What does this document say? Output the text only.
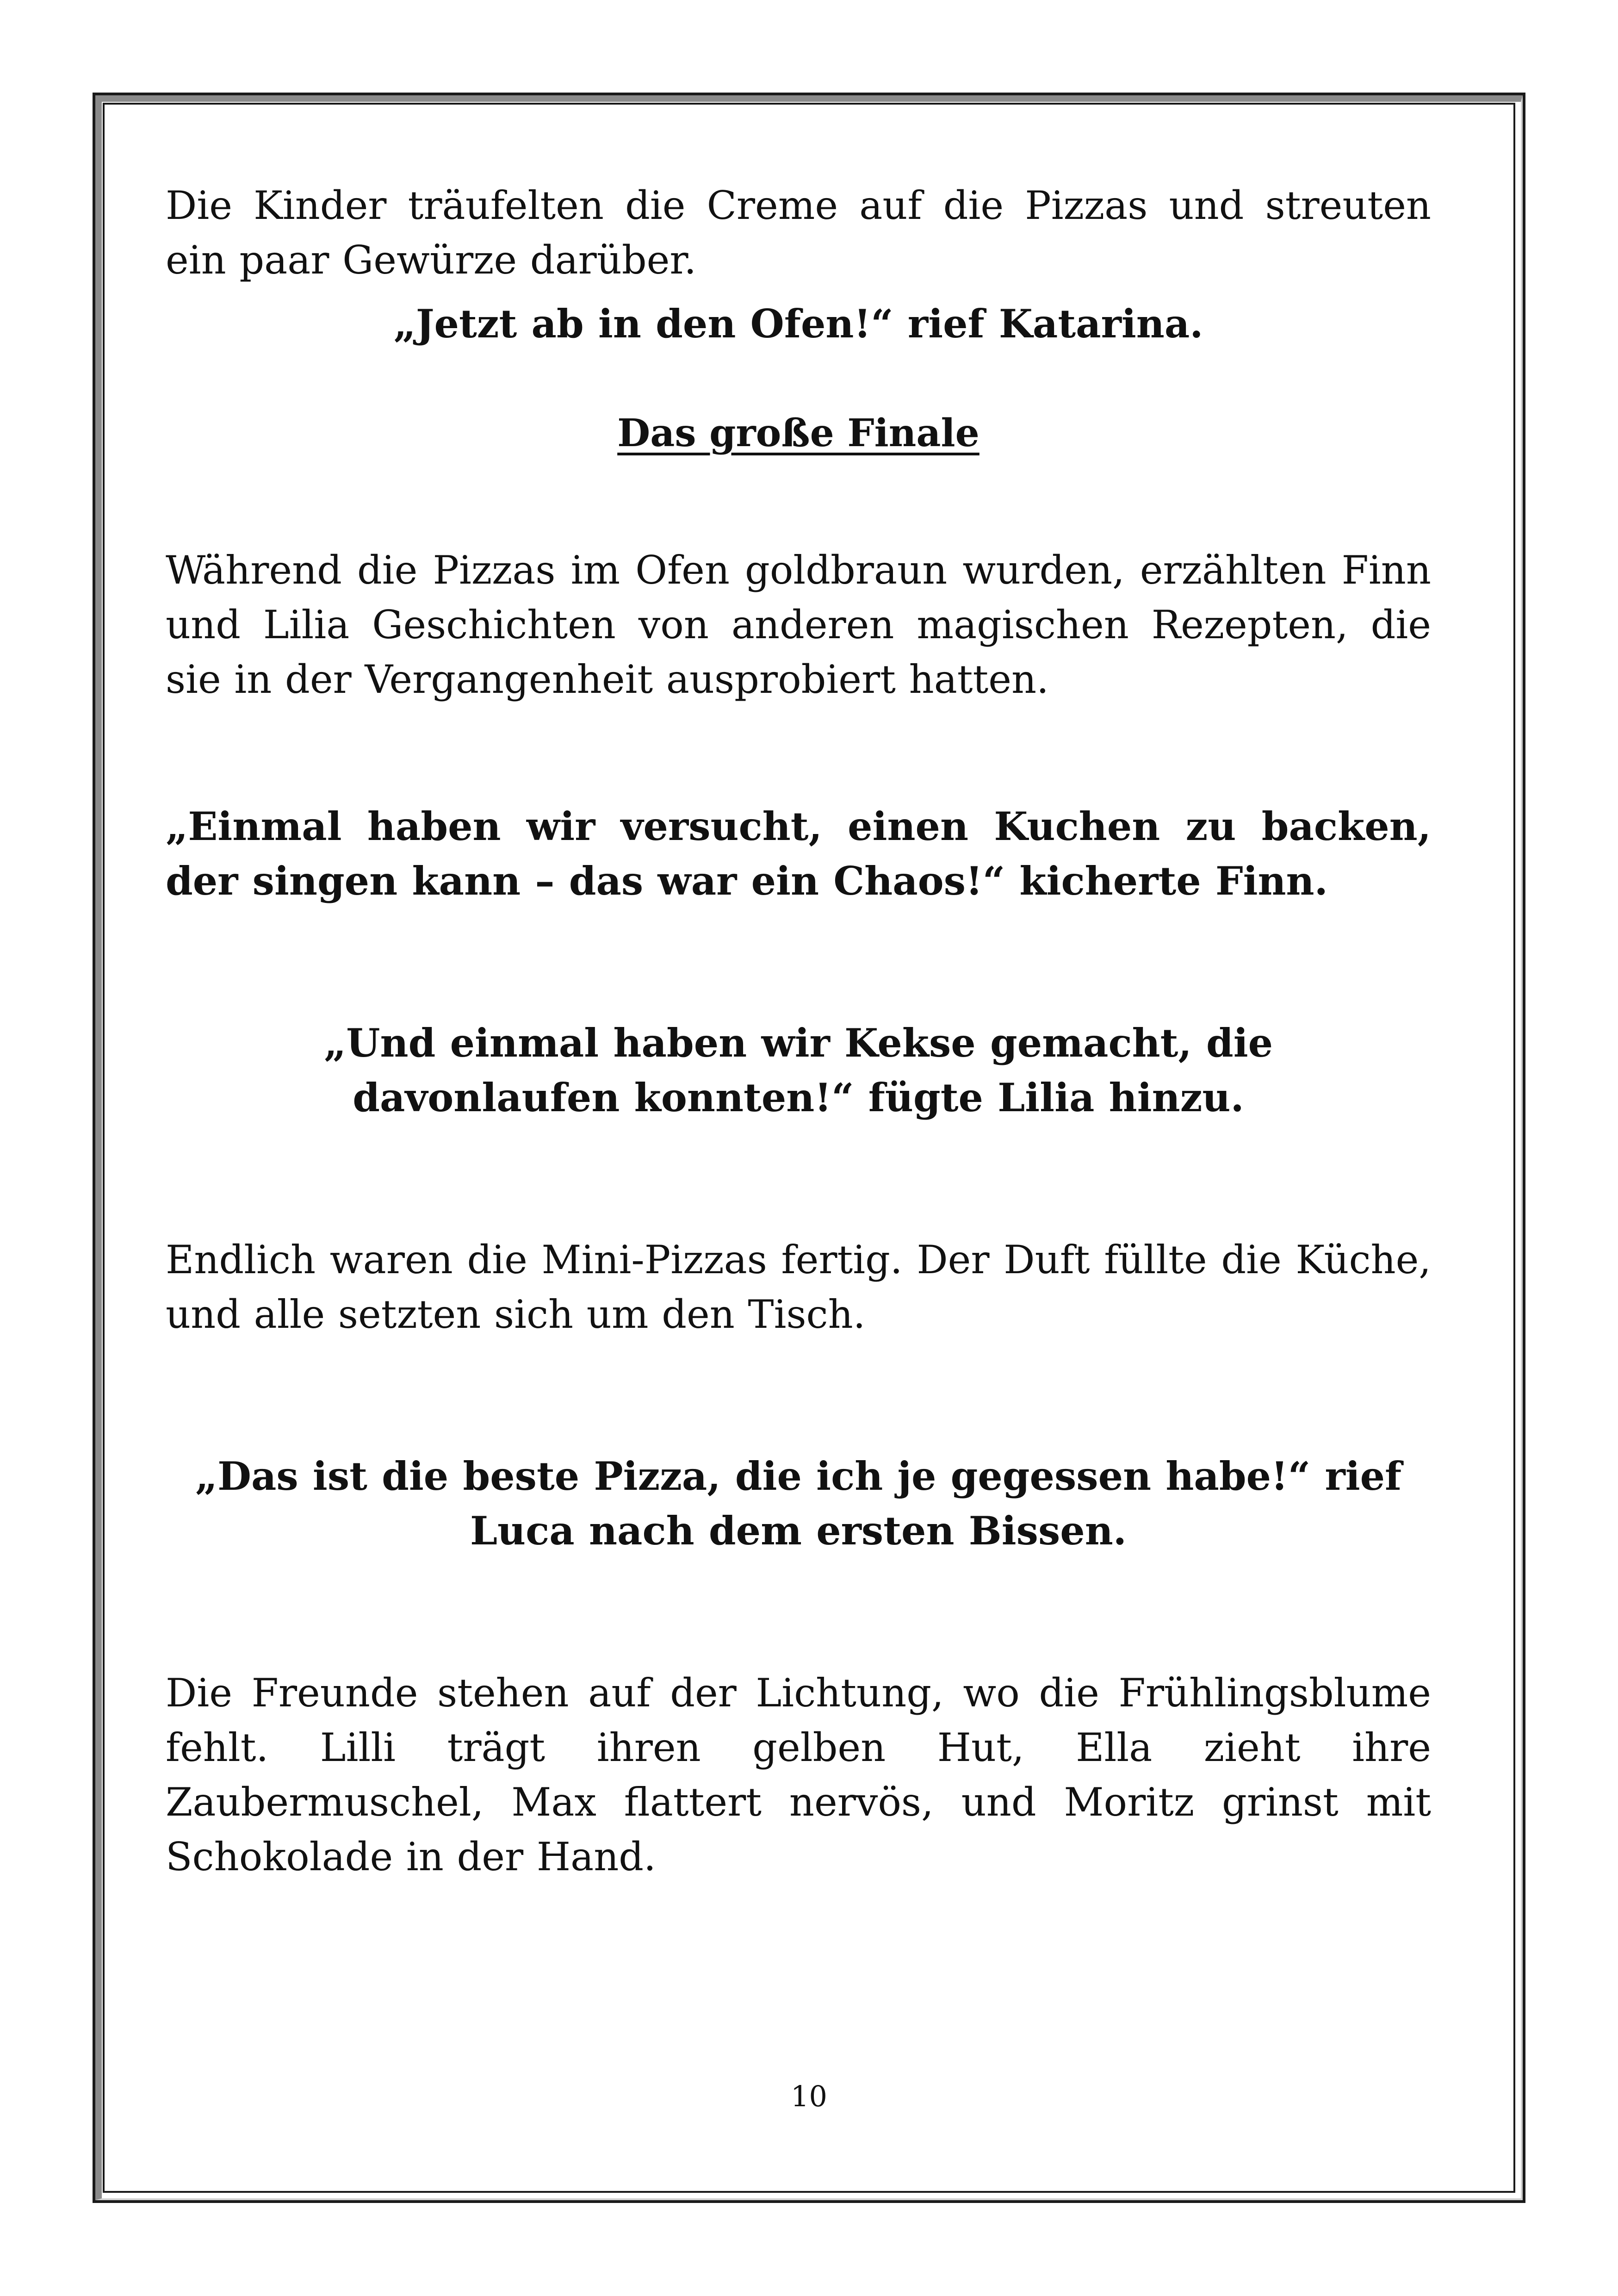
Die Kinder träufelten die Creme auf die Pizzas und streuten ein paar Gewürze darüber.

„Jetzt ab in den Ofen!“ rief Katarina.

Das große Finale

Während die Pizzas im Ofen goldbraun wurden, erzählten Finn und Lilia Geschichten von anderen magischen Rezepten, die sie in der Vergangenheit ausprobiert hatten.

„Einmal haben wir versucht, einen Kuchen zu backen, der singen kann – das war ein Chaos!“ kicherte Finn.

„Und einmal haben wir Kekse gemacht, die davonlaufen konnten!“ fügte Lilia hinzu.

Endlich waren die Mini-Pizzas fertig. Der Duft füllte die Küche, und alle setzten sich um den Tisch.

„Das ist die beste Pizza, die ich je gegessen habe!“ rief Luca nach dem ersten Bissen.

Die Freunde stehen auf der Lichtung, wo die Frühlingsblume fehlt. Lilli trägt ihren gelben Hut, Ella zieht ihre Zaubermuschel, Max flattert nervös, und Moritz grinst mit Schokolade in der Hand.

10
